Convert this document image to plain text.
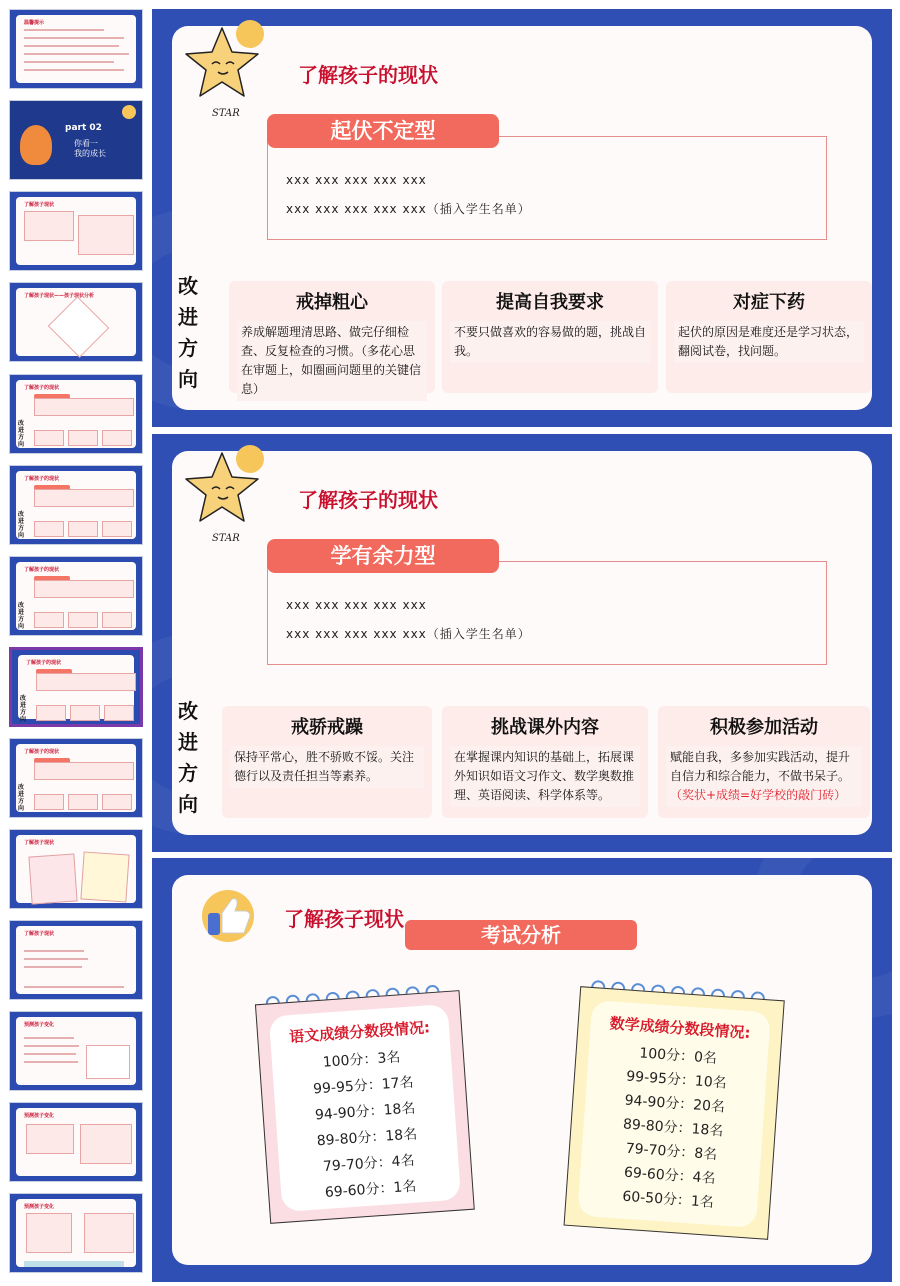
温馨提示
part 02
你看一
我的成长
了解孩子现状
了解孩子现状——孩子现状分析
了解孩子的现状
改进方向
了解孩子的现状
改进方向
了解孩子的现状
改进方向
了解孩子的现状
改进方向
了解孩子的现状
改进方向
了解孩子现状
了解孩子现状
预测孩子变化
预测孩子变化
预测孩子变化
STAR
了解孩子的现状
起伏不定型
xxx xxx xxx xxx xxx
xxx xxx xxx xxx xxx（插入学生名单）
改
进
方
向
戒掉粗心
养成解题理清思路、做完仔细检查、反复检查的习惯。（多花心思在审题上，如圈画问题里的关键信息）
提高自我要求
不要只做喜欢的容易做的题，挑战自我。
对症下药
起伏的原因是难度还是学习状态，翻阅试卷，找问题。
STAR
了解孩子的现状
学有余力型
xxx xxx xxx xxx xxx
xxx xxx xxx xxx xxx（插入学生名单）
改
进
方
向
戒骄戒躁
保持平常心，胜不骄败不馁。关注德行以及责任担当等素养。
挑战课外内容
在掌握课内知识的基础上，拓展课外知识如语文习作文、数学奥数推理、英语阅读、科学体系等。
积极参加活动
赋能自我，多参加实践活动，提升自信力和综合能力，不做书呆子。（奖状+成绩=好学校的敲门砖）
了解孩子现状
考试分析
语文成绩分数段情况:
100分：3名
99-95分：17名
94-90分：18名
89-80分：18名
79-70分：4名
69-60分：1名
数学成绩分数段情况:
100分：0名
99-95分：10名
94-90分：20名
89-80分：18名
79-70分：8名
69-60分：4名
60-50分：1名
